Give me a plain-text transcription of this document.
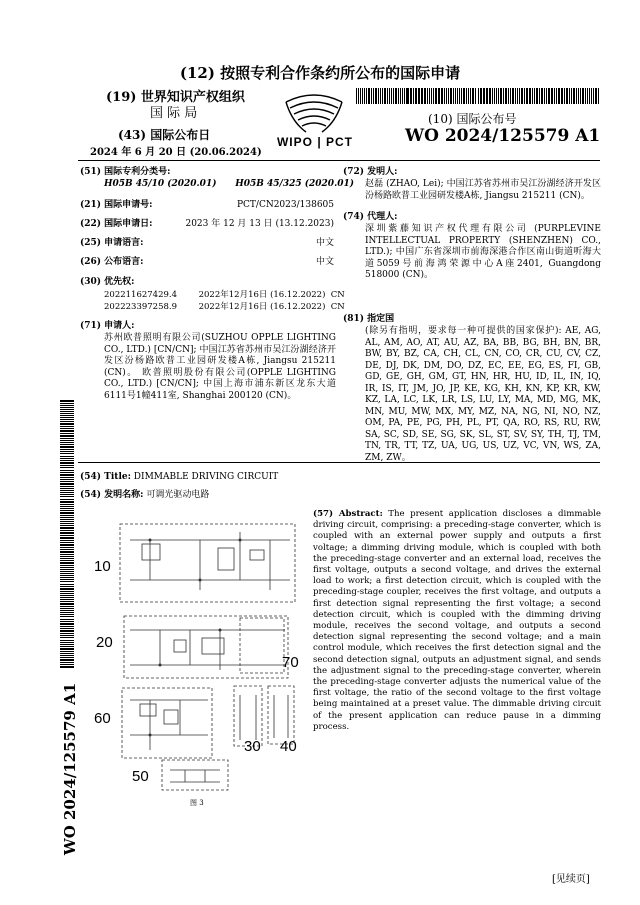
(12) 按照专利合作条约所公布的国际申请
(19) 世界知识产权组织
国 际 局
(43) 国际公布日
2024 年 6 月 20 日 (20.06.2024)
WIPO | PCT
(10) 国际公布号
WO 2024/125579 A1
(51) 国际专利分类号:
H05B 45/10 (2020.01)      H05B 45/325 (2020.01)
(21) 国际申请号:	PCT/CN2023/138605
(22) 国际申请日:	2023 年 12 月 13 日 (13.12.2023)
(25) 申请语言:	中文
(26) 公布语言:	中文
(30) 优先权:
202211627429.4        2022年12月16日 (16.12.2022)  CN
202223397258.9        2022年12月16日 (16.12.2022)  CN
(71) 申请人:
苏州欧普照明有限公司(SUZHOU OPPLE LIGHTING CO., LTD.) [CN/CN]; 中国江苏省苏州市吴江汾湖经济开发区汾杨路欧普工业园研发楼A栋, Jiangsu 215211 (CN)。 欧普照明股份有限公司(OPPLE LIGHTING CO., LTD.) [CN/CN]; 中国上海市浦东新区龙东大道6111号1幢411室, Shanghai 200120 (CN)。
(72) 发明人:
赵磊 (ZHAO, Lei); 中国江苏省苏州市吴江汾湖经济开发区汾杨路欧普工业园研发楼A栋, Jiangsu 215211 (CN)。
(74) 代理人:
深圳紫藤知识产权代理有限公司 (PURPLEVINE INTELLECTUAL PROPERTY (SHENZHEN) CO., LTD.); 中国广东省深圳市前海深港合作区南山街道听海大道5059号前海鸿荣源中心A座2401, Guangdong 518000 (CN)。
(81) 指定国
(除另有指明，要求每一种可提供的国家保护): AE, AG, AL, AM, AO, AT, AU, AZ, BA, BB, BG, BH, BN, BR, BW, BY, BZ, CA, CH, CL, CN, CO, CR, CU, CV, CZ, DE, DJ, DK, DM, DO, DZ, EC, EE, EG, ES, FI, GB, GD, GE, GH, GM, GT, HN, HR, HU, ID, IL, IN, IQ, IR, IS, IT, JM, JO, JP, KE, KG, KH, KN, KP, KR, KW, KZ, LA, LC, LK, LR, LS, LU, LY, MA, MD, MG, MK, MN, MU, MW, MX, MY, MZ, NA, NG, NI, NO, NZ, OM, PA, PE, PG, PH, PL, PT, QA, RO, RS, RU, RW, SA, SC, SD, SE, SG, SK, SL, ST, SV, SY, TH, TJ, TM, TN, TR, TT, TZ, UA, UG, US, UZ, VC, VN, WS, ZA, ZM, ZW。
(54) Title: DIMMABLE DRIVING CIRCUIT
(54) 发明名称: 可调光驱动电路
(57) Abstract: The present application discloses a dimmable driving circuit, comprising: a preceding-stage converter, which is coupled with an external power supply and outputs a first voltage; a dimming driving module, which is coupled with both the preceding-stage converter and an external load, receives the first voltage, outputs a second voltage, and drives the external load to work; a first detection circuit, which is coupled with the preceding-stage coupler, receives the first voltage, and outputs a first detection signal representing the first voltage; a second detection circuit, which is coupled with the dimming driving module, receives the second voltage, and outputs a second detection signal representing the second voltage; and a main control module, which receives the first detection signal and the second detection signal, outputs an adjustment signal, and sends the adjustment signal to the preceding-stage converter, wherein the preceding-stage converter adjusts the numerical value of the first voltage, the ratio of the second voltage to the first voltage being maintained at a preset value. The dimmable driving circuit of the present application can reduce pause in a dimming process.
10
20
70
60
30 40
50
图 3
WO 2024/125579 A1
[见续页]
